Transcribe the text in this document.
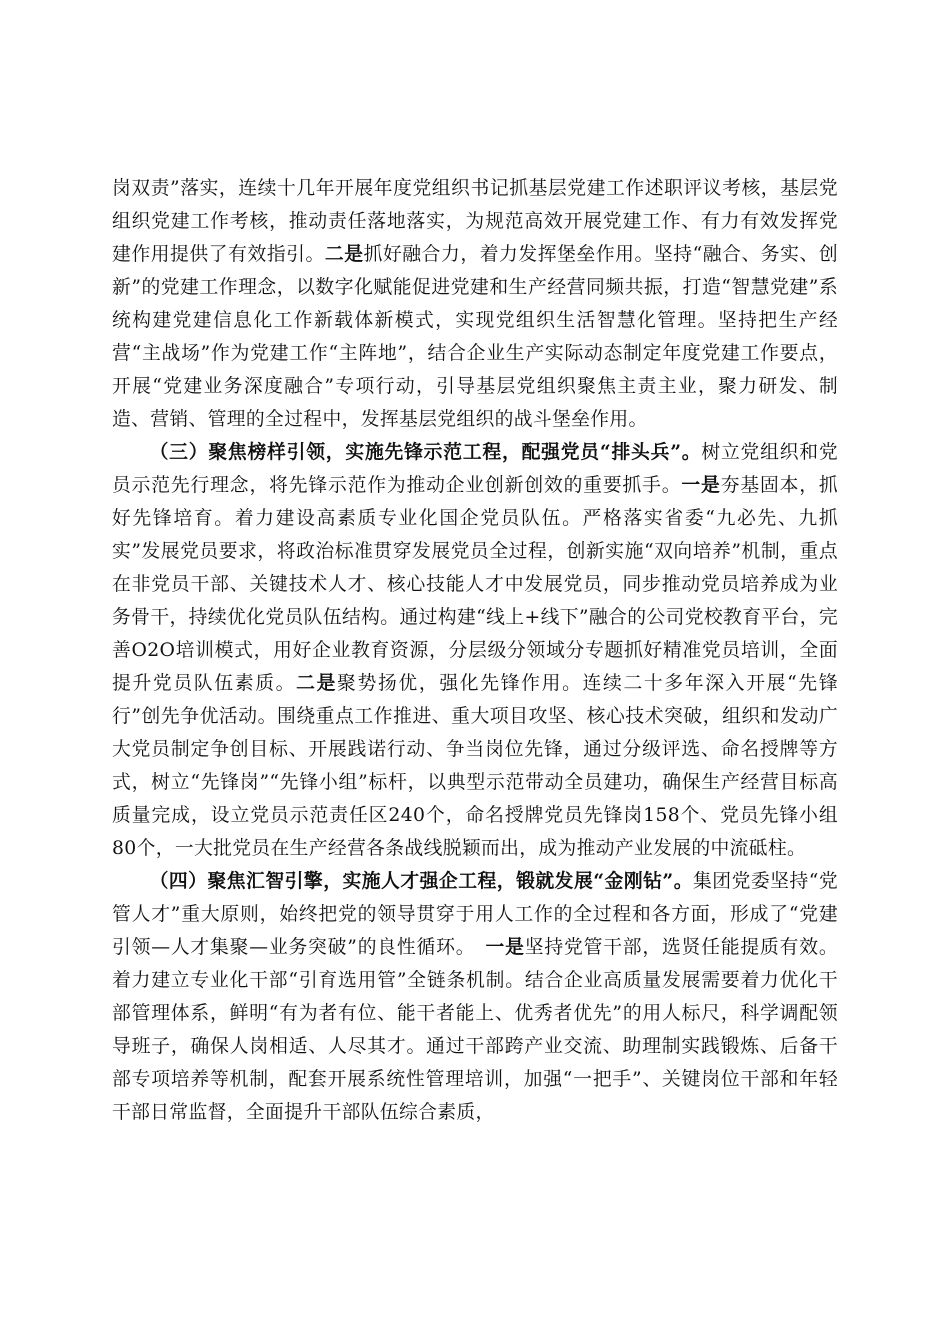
岗双责”落实，连续十几年开展年度党组织书记抓基层党建工作述职评议考核，基层党组织党建工作考核，推动责任落地落实，为规范高效开展党建工作、有力有效发挥党建作用提供了有效指引。二是抓好融合力，着力发挥堡垒作用。坚持“融合、务实、创新”的党建工作理念，以数字化赋能促进党建和生产经营同频共振，打造“智慧党建”系统构建党建信息化工作新载体新模式，实现党组织生活智慧化管理。坚持把生产经营“主战场”作为党建工作“主阵地”，结合企业生产实际动态制定年度党建工作要点，开展“党建业务深度融合”专项行动，引导基层党组织聚焦主责主业，聚力研发、制造、营销、管理的全过程中，发挥基层党组织的战斗堡垒作用。

（三）聚焦榜样引领，实施先锋示范工程，配强党员“排头兵”。树立党组织和党员示范先行理念，将先锋示范作为推动企业创新创效的重要抓手。一是夯基固本，抓好先锋培育。着力建设高素质专业化国企党员队伍。严格落实省委“九必先、九抓实”发展党员要求，将政治标准贯穿发展党员全过程，创新实施“双向培养”机制，重点在非党员干部、关键技术人才、核心技能人才中发展党员，同步推动党员培养成为业务骨干，持续优化党员队伍结构。通过构建“线上+线下”融合的公司党校教育平台，完善O2O培训模式，用好企业教育资源，分层级分领域分专题抓好精准党员培训，全面提升党员队伍素质。二是聚势扬优，强化先锋作用。连续二十多年深入开展“先锋行”创先争优活动。围绕重点工作推进、重大项目攻坚、核心技术突破，组织和发动广大党员制定争创目标、开展践诺行动、争当岗位先锋，通过分级评选、命名授牌等方式，树立“先锋岗”“先锋小组”标杆，以典型示范带动全员建功，确保生产经营目标高质量完成，设立党员示范责任区240个，命名授牌党员先锋岗158个、党员先锋小组80个，一大批党员在生产经营各条战线脱颖而出，成为推动产业发展的中流砥柱。

（四）聚焦汇智引擎，实施人才强企工程，锻就发展“金刚钻”。集团党委坚持“党管人才”重大原则，始终把党的领导贯穿于用人工作的全过程和各方面，形成了“党建引领—人才集聚—业务突破”的良性循环。　一是坚持党管干部，选贤任能提质有效。着力建立专业化干部“引育选用管”全链条机制。结合企业高质量发展需要着力优化干部管理体系，鲜明“有为者有位、能干者能上、优秀者优先”的用人标尺，科学调配领导班子，确保人岗相适、人尽其才。通过干部跨产业交流、助理制实践锻炼、后备干部专项培养等机制，配套开展系统性管理培训，加强“一把手”、关键岗位干部和年轻干部日常监督，全面提升干部队伍综合素质，
